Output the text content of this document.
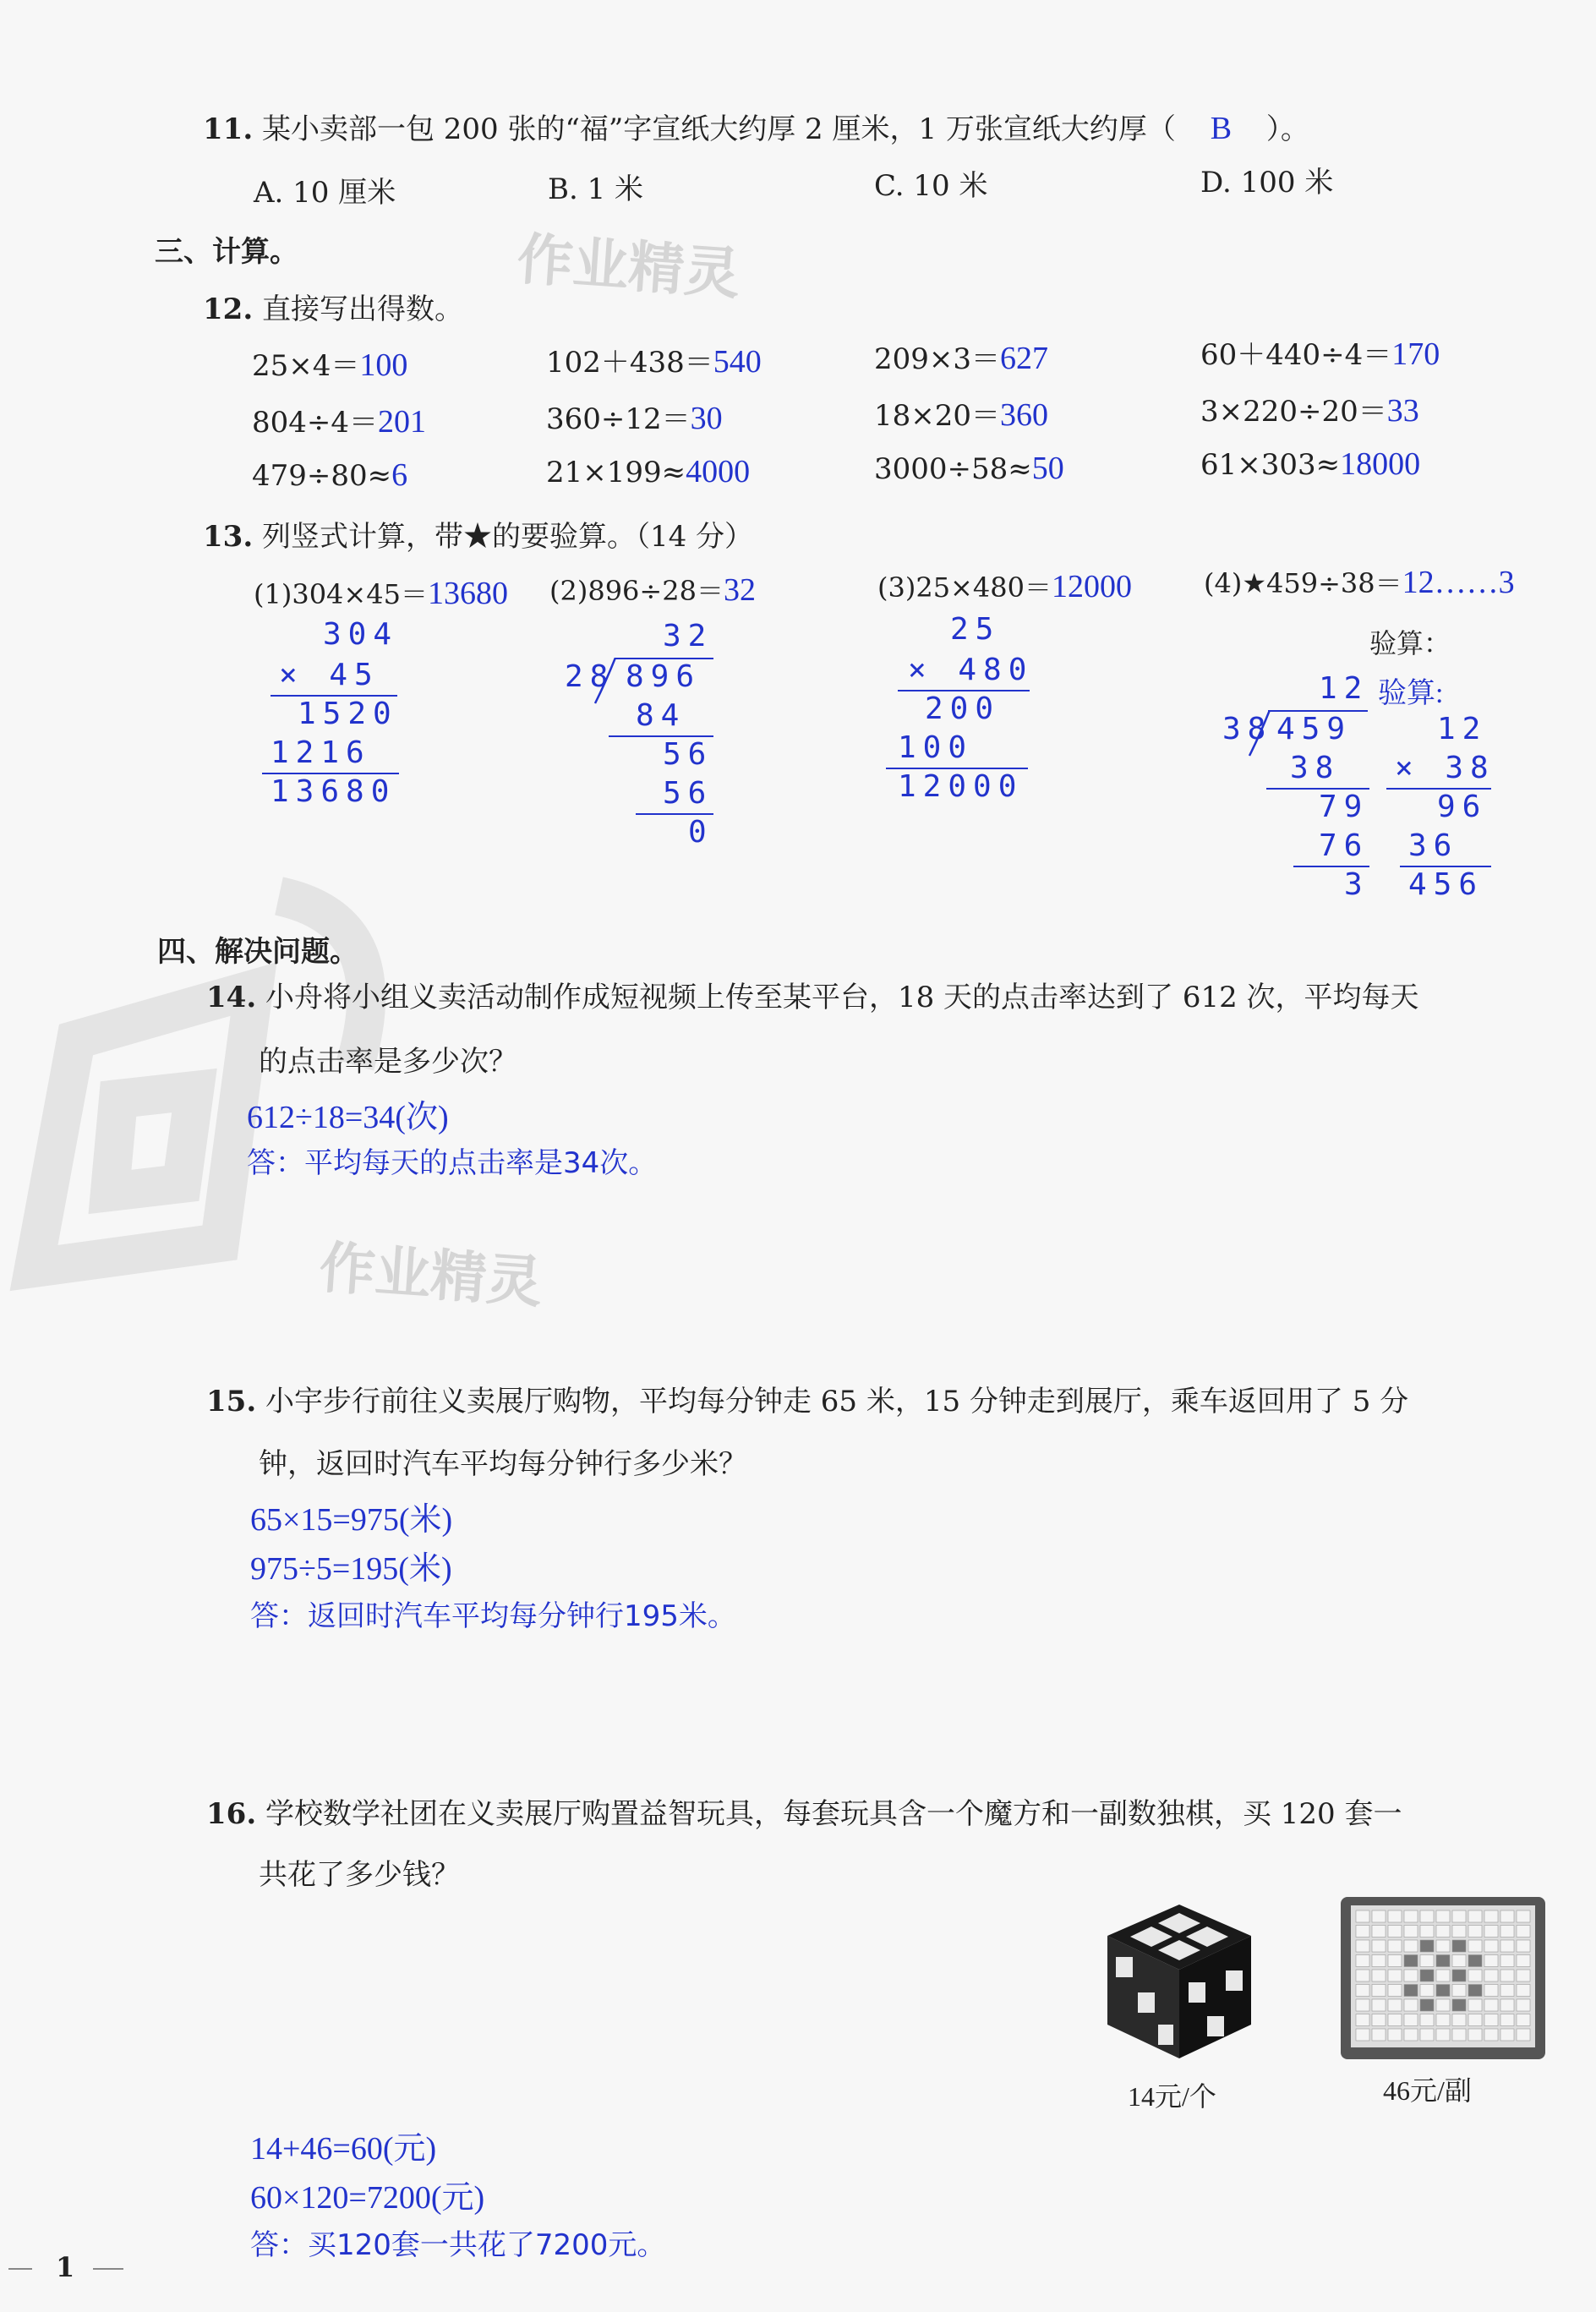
作业精灵
作业精灵
11. 某小卖部一包 200 张的“福”字宣纸大约厚 2 厘米，1 万张宣纸大约厚（ B ）。
A. 10 厘米	B. 1 米	C. 10 米	D. 100 米
三、计算。
12. 直接写出得数。
25×4＝100	102＋438＝540	209×3＝627	60＋440÷4＝170
804÷4＝201	360÷12＝30	18×20＝360	3×220÷20＝33
479÷80≈6	21×199≈4000	3000÷58≈50	61×303≈18000
13. 列竖式计算，带★的要验算。（14 分）
(1)304×45＝13680 (2)896÷28＝32	(3)25×480＝12000	(4)★459÷38＝12……3
304
× 45
1520
1216
13680
32
28 896
84
56
56
0
25
× 480
200
100
12000
验算：
12 验算:
38 459
38
79
76
3
12
× 38
96
36
456
四、解决问题。
14. 小舟将小组义卖活动制作成短视频上传至某平台，18 天的点击率达到了 612 次，平均每天
的点击率是多少次？
612÷18=34(次)
答：平均每天的点击率是34次。
15. 小宇步行前往义卖展厅购物，平均每分钟走 65 米，15 分钟走到展厅，乘车返回用了 5 分
钟，返回时汽车平均每分钟行多少米？
65×15=975(米)
975÷5=195(米)
答：返回时汽车平均每分钟行195米。
16. 学校数学社团在义卖展厅购置益智玩具，每套玩具含一个魔方和一副数独棋，买 120 套一
共花了多少钱？
14元/个	46元/副
14+46=60(元)
60×120=7200(元)
答：买120套一共花了7200元。
1
